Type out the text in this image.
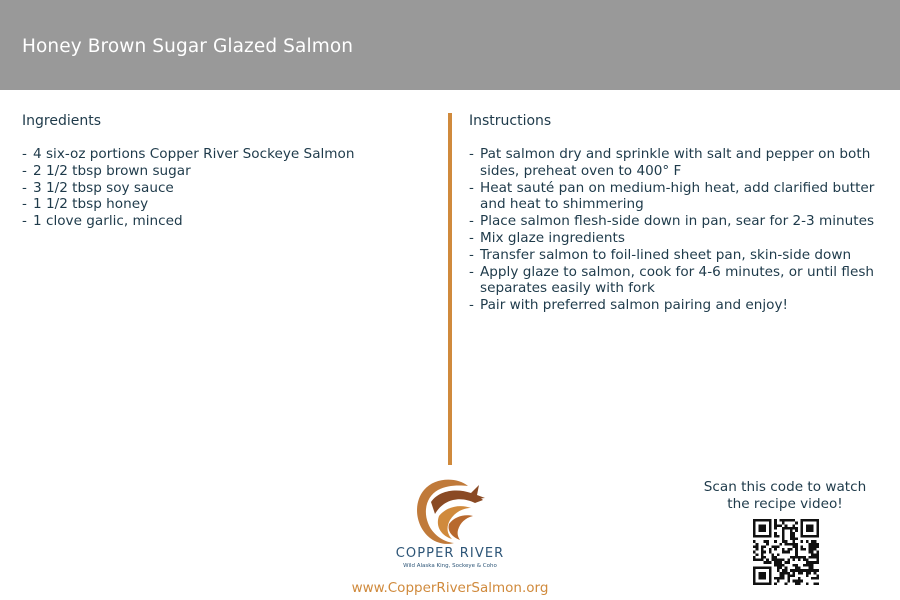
Honey Brown Sugar Glazed Salmon
Ingredients
- 4 six-oz portions Copper River Sockeye Salmon
- 2 1/2 tbsp brown sugar
- 3 1/2 tbsp soy sauce
- 1 1/2 tbsp honey
- 1 clove garlic, minced
Instructions
- Pat salmon dry and sprinkle with salt and pepper on both sides, preheat oven to 400° F
- Heat sauté pan on medium-high heat, add clarified butter and heat to shimmering
- Place salmon flesh-side down in pan, sear for 2-3 minutes
- Mix glaze ingredients
- Transfer salmon to foil-lined sheet pan, skin-side down
- Apply glaze to salmon, cook for 4-6 minutes, or until flesh separates easily with fork
- Pair with preferred salmon pairing and enjoy!
COPPER RIVER
Wild Alaska King, Sockeye & Coho
www.CopperRiverSalmon.org
Scan this code to watch
the recipe video!
